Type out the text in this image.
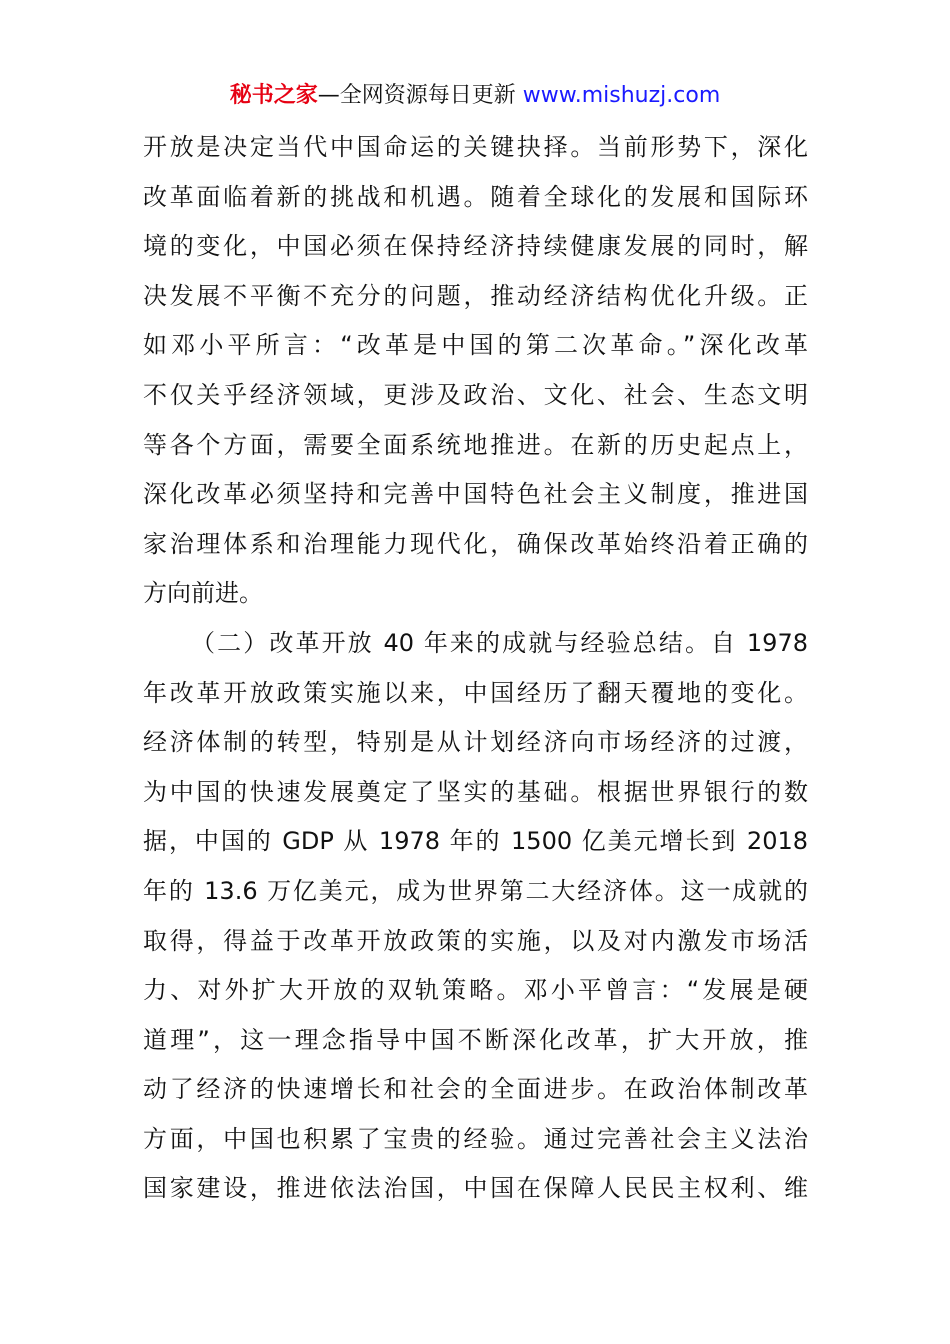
秘书之家—全网资源每日更新 www.mishuzj.com
开放是决定当代中国命运的关键抉择。当前形势下，深化
改革面临着新的挑战和机遇。随着全球化的发展和国际环
境的变化，中国必须在保持经济持续健康发展的同时，解
决发展不平衡不充分的问题，推动经济结构优化升级。正
如邓小平所言：“改革是中国的第二次革命。”深化改革
不仅关乎经济领域，更涉及政治、文化、社会、生态文明
等各个方面，需要全面系统地推进。在新的历史起点上，
深化改革必须坚持和完善中国特色社会主义制度，推进国
家治理体系和治理能力现代化，确保改革始终沿着正确的
方向前进。
（二）改革开放 40 年来的成就与经验总结。自 1978
年改革开放政策实施以来，中国经历了翻天覆地的变化。
经济体制的转型，特别是从计划经济向市场经济的过渡，
为中国的快速发展奠定了坚实的基础。根据世界银行的数
据，中国的 GDP 从 1978 年的 1500 亿美元增长到 2018
年的 13.6 万亿美元，成为世界第二大经济体。这一成就的
取得，得益于改革开放政策的实施，以及对内激发市场活
力、对外扩大开放的双轨策略。邓小平曾言：“发展是硬
道理”，这一理念指导中国不断深化改革，扩大开放，推
动了经济的快速增长和社会的全面进步。在政治体制改革
方面，中国也积累了宝贵的经验。通过完善社会主义法治
国家建设，推进依法治国，中国在保障人民民主权利、维
